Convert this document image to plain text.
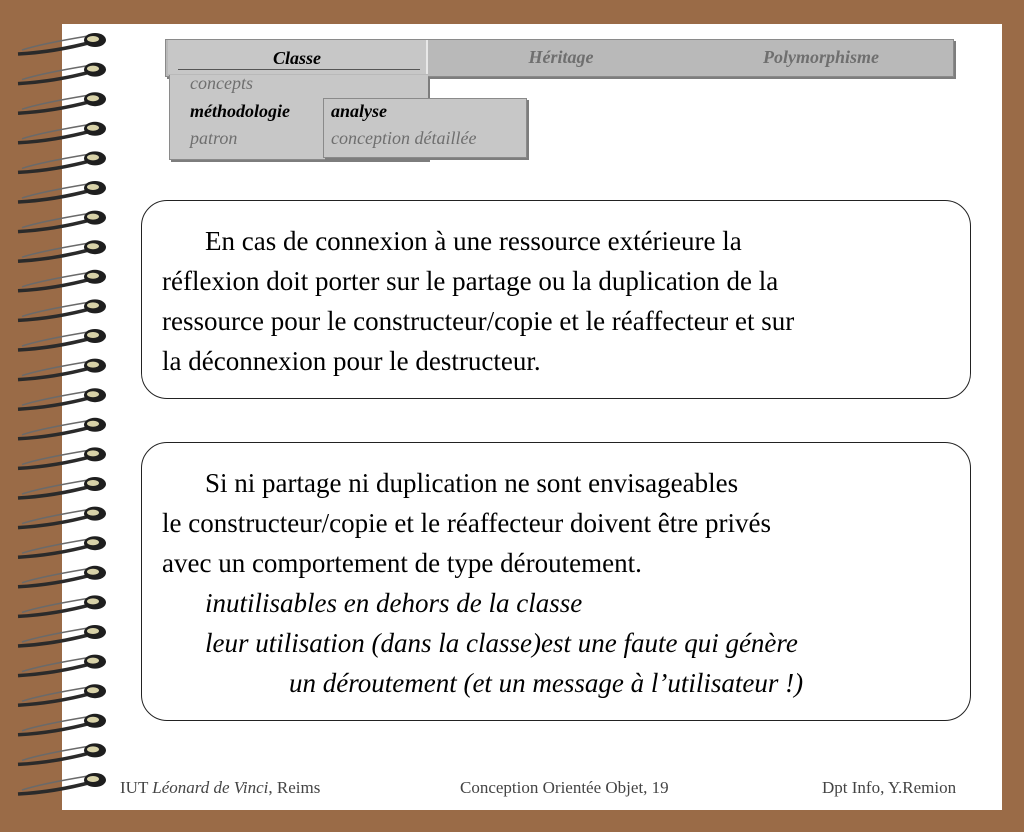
Classe	Héritage	Polymorphisme
concepts
méthodologie
patron
analyse
conception détaillée

En cas de connexion à une ressource extérieure la

réflexion doit porter sur le partage ou la duplication de la

ressource pour le constructeur/copie et le réaffecteur et sur

la déconnexion pour le destructeur.

Si ni partage ni duplication ne sont envisageables

le constructeur/copie et le réaffecteur doivent être privés

avec un comportement de type déroutement.

inutilisables en dehors de la classe

leur utilisation (dans la classe)est une faute qui génère

un déroutement (et un message à l’utilisateur !)

IUT Léonard de Vinci, Reims	Conception Orientée Objet, 19	Dpt Info, Y.Remion
